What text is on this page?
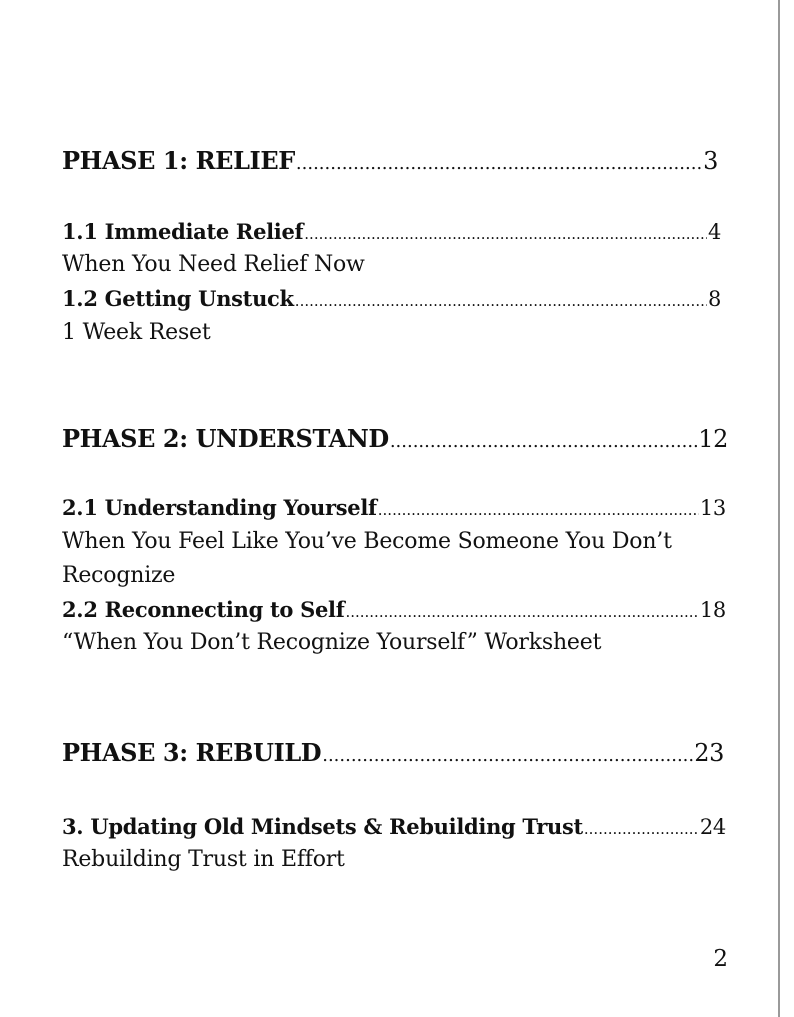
PHASE 1: RELIEF .....	3
1.1 Immediate Relief .....	4
When You Need Relief Now
1.2 Getting Unstuck .....	8
1 Week Reset
PHASE 2: UNDERSTAND .....	12
2.1 Understanding Yourself .....	13
When You Feel Like You’ve Become Someone You Don’t
Recognize
2.2 Reconnecting to Self .....	18
“When You Don’t Recognize Yourself” Worksheet
PHASE 3: REBUILD .....	23
3. Updating Old Mindsets & Rebuilding Trust .....	24
Rebuilding Trust in Effort
2
